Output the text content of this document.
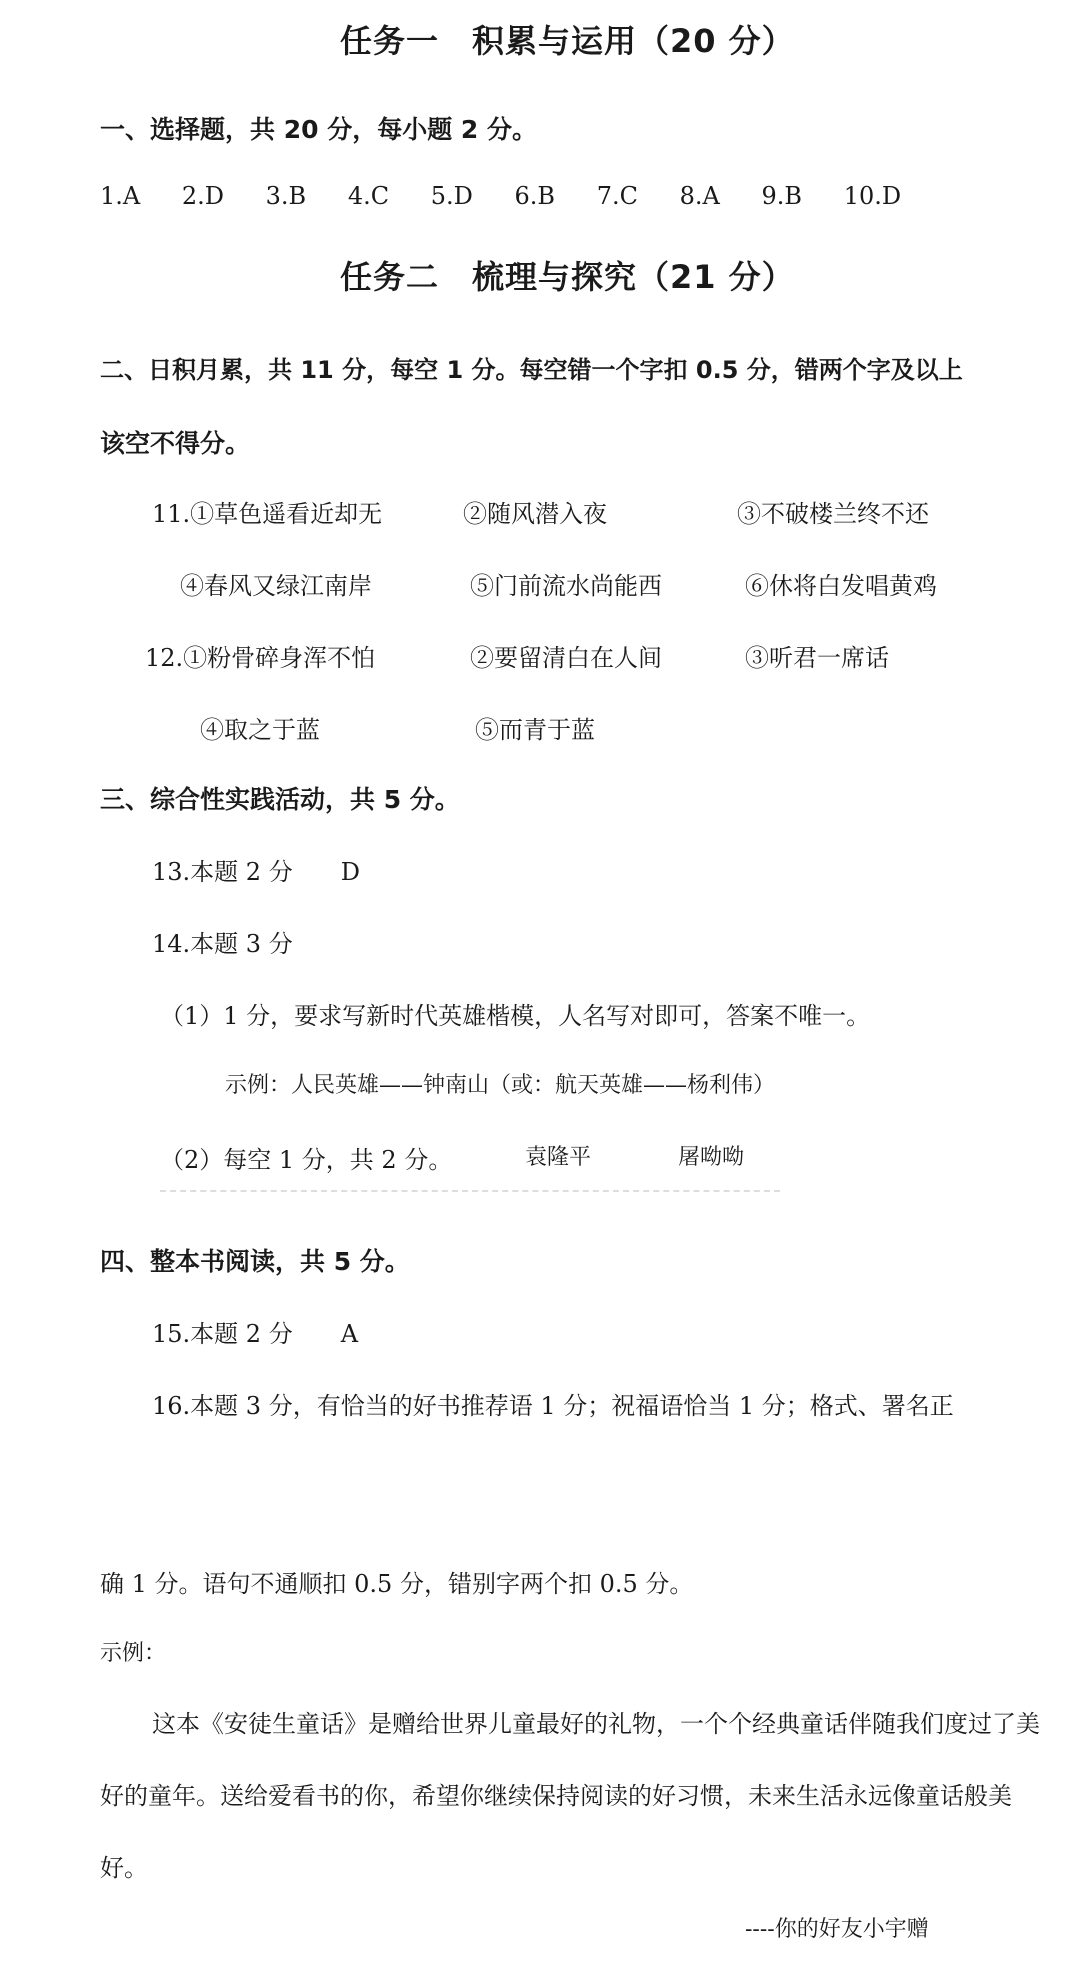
任务一　积累与运用（20 分）
一、选择题，共 20 分，每小题 2 分。
1.A 2.D 3.B 4.C 5.D 6.B 7.C 8.A 9.B 10.D
任务二　梳理与探究（21 分）
二、日积月累，共 11 分，每空 1 分。每空错一个字扣 0.5 分，错两个字及以上
该空不得分。
11.①草色遥看近却无	②随风潜入夜	③不破楼兰终不还
④春风又绿江南岸	⑤门前流水尚能西	⑥休将白发唱黄鸡
12.①粉骨碎身浑不怕	②要留清白在人间	③听君一席话
④取之于蓝	⑤而青于蓝
三、综合性实践活动，共 5 分。
13.本题 2 分　　D
14.本题 3 分
（1）1 分，要求写新时代英雄楷模，人名写对即可，答案不唯一。
示例：人民英雄——钟南山（或：航天英雄——杨利伟）
（2）每空 1 分，共 2 分。	袁隆平	屠呦呦
四、整本书阅读，共 5 分。
15.本题 2 分　　A
16.本题 3 分，有恰当的好书推荐语 1 分；祝福语恰当 1 分；格式、署名正
确 1 分。语句不通顺扣 0.5 分，错别字两个扣 0.5 分。
示例：
这本《安徒生童话》是赠给世界儿童最好的礼物，一个个经典童话伴随我们度过了美好的童年。送给爱看书的你，希望你继续保持阅读的好习惯，未来生活永远像童话般美好。
----你的好友小宇赠
